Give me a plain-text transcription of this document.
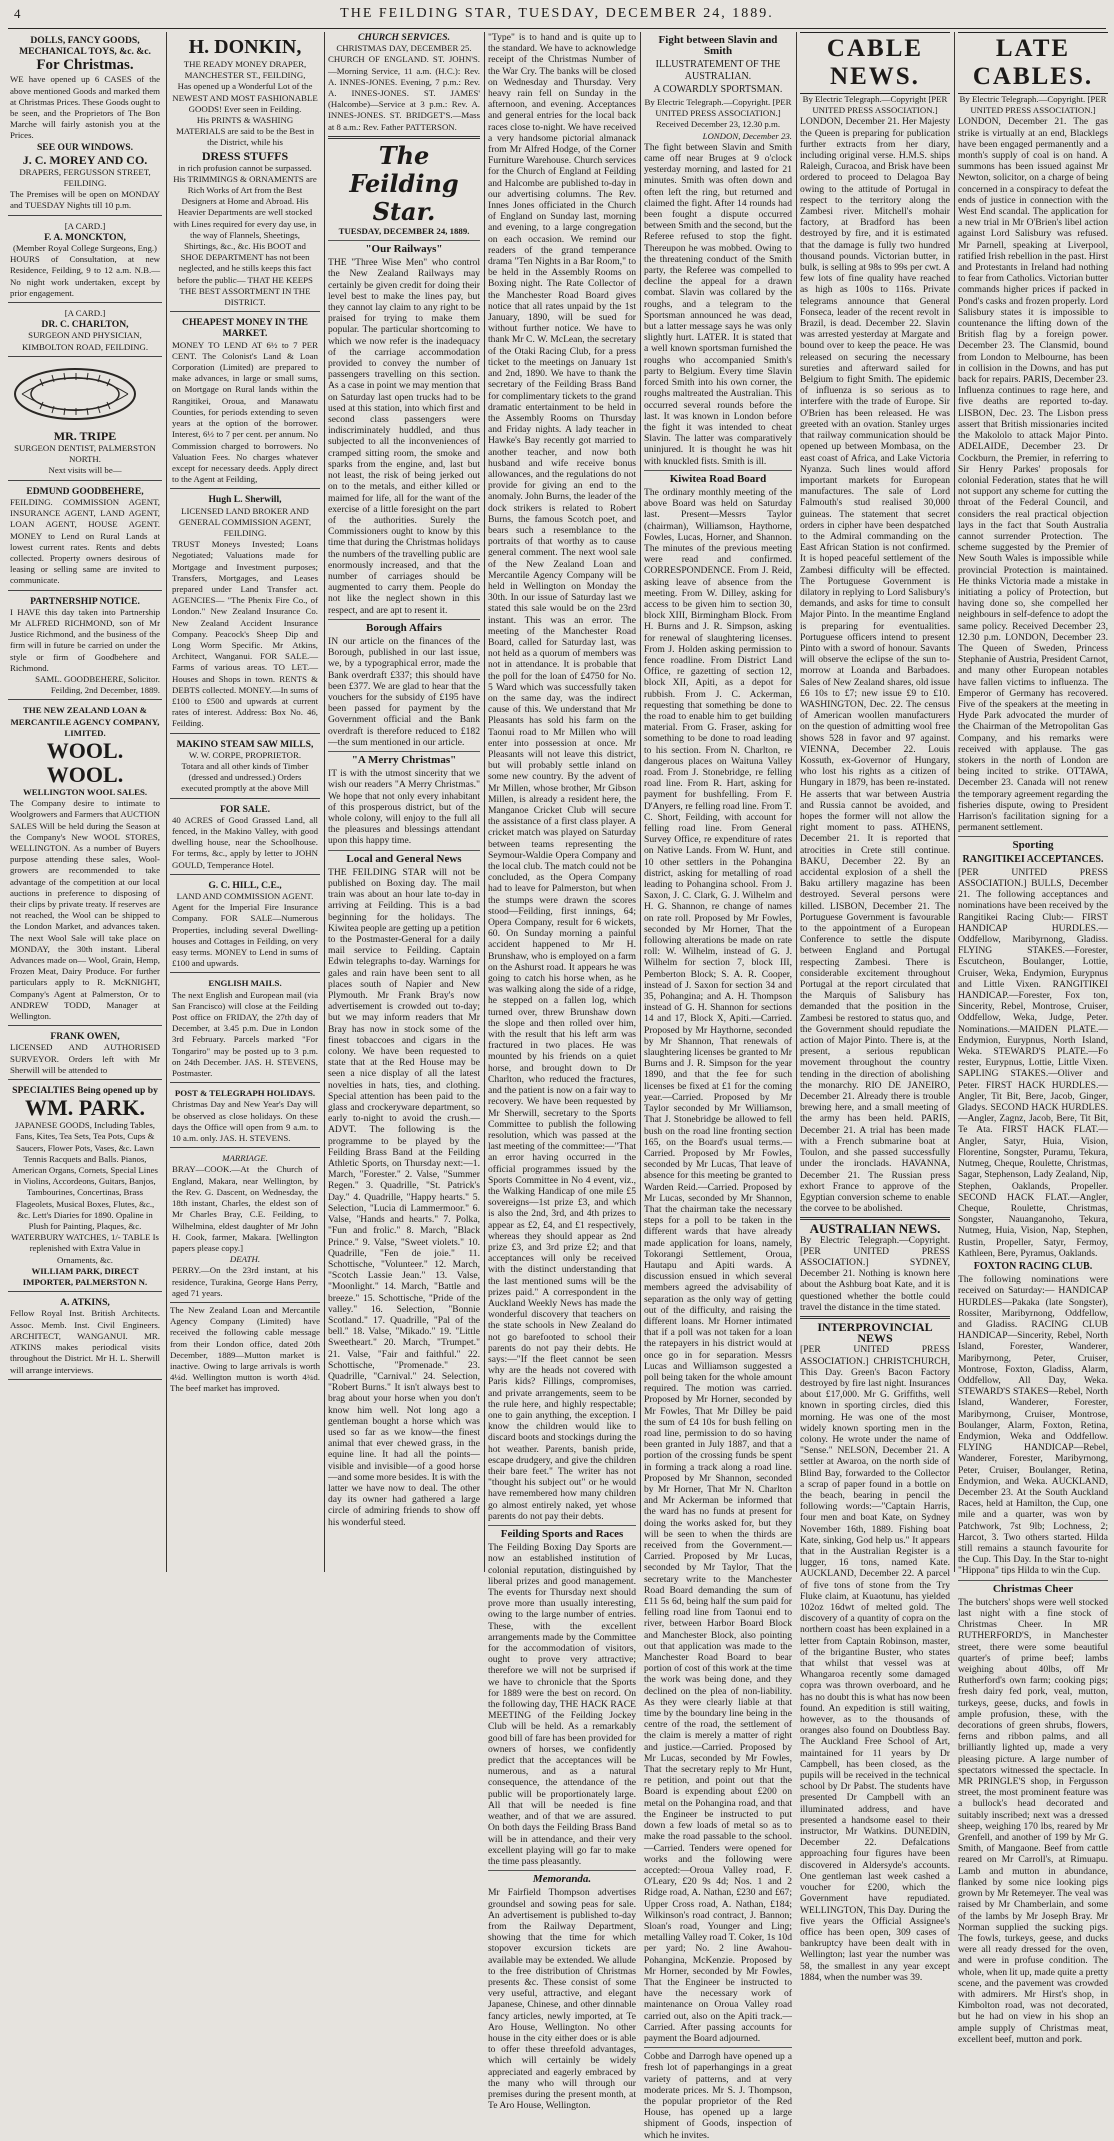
4	THE FEILDING STAR, TUESDAY, DECEMBER 24, 1889.
DOLLS, FANCY GOODS, MECHANICAL TOYS, &c. &c.
For Christmas.
WE have opened up 6 CASES of the above mentioned Goods and marked them at Christmas Prices. These Goods ought to be seen, and the Proprietors of The Bon Marche will fairly astonish you at the Prices.
SEE OUR WINDOWS.
J. C. MOREY AND CO.
DRAPERS, FERGUSSON STREET, FEILDING.
The Premises will be open on MONDAY and TUESDAY Nights till 10 p.m.
[A CARD.]
F. A. MONCKTON,
(Member Royal College Surgeons, Eng.)
HOURS of Consultation, at new Residence, Feilding, 9 to 12 a.m. N.B.—No night work undertaken, except by prior engagement.
[A CARD.]
DR. C. CHARLTON,
SURGEON AND PHYSICIAN, KIMBOLTON ROAD, FEILDING.
MR. TRIPE
SURGEON DENTIST, PALMERSTON NORTH.
Next visits will be—
EDMUND GOODBEHERE,
FEILDING. COMMISSION AGENT, INSURANCE AGENT, LAND AGENT, LOAN AGENT, HOUSE AGENT. MONEY to Lend on Rural Lands at lowest current rates. Rents and debts collected. Property owners desirous of leasing or selling same are invited to communicate.
PARTNERSHIP NOTICE.
I HAVE this day taken into Partnership Mr ALFRED RICHMOND, son of Mr Justice Richmond, and the business of the firm will in future be carried on under the style or firm of Goodbehere and Richmond.
SAML. GOODBEHERE, Solicitor. Feilding, 2nd December, 1889.
THE NEW ZEALAND LOAN & MERCANTILE AGENCY COMPANY, LIMITED.
WOOL. WOOL.
WELLINGTON WOOL SALES.
The Company desire to intimate to Woolgrowers and Farmers that AUCTION SALES Will be held during the Season at the Company's New WOOL STORES, WELLINGTON. As a number of Buyers purpose attending these sales, Wool-growers are recommended to take advantage of the competition at our local auctions in preference to disposing of their clips by private treaty. If reserves are not reached, the Wool can be shipped to the London Market, and advances taken. The next Wool Sale will take place on MONDAY, the 30th instant. Liberal Advances made on— Wool, Grain, Hemp, Frozen Meat, Dairy Produce. For further particulars apply to R. McKNIGHT, Company's Agent at Palmerston, Or to ANDREW TODD, Manager at Wellington.
FRANK OWEN,
LICENSED AND AUTHORISED SURVEYOR. Orders left with Mr Sherwill will be attended to
SPECIALTIES Being opened up by
WM. PARK.
JAPANESE GOODS, Including Tables, Fans, Kites, Tea Sets, Tea Pots, Cups & Saucers, Flower Pots, Vases, &c. Lawn Tennis Racquets and Balls. Pianos, American Organs, Cornets, Special Lines in Violins, Accordeons, Guitars, Banjos, Tambourines, Concertinas, Brass Flageolets, Musical Boxes, Flutes, &c., &c. Lett's Diaries for 1890. Opaline in Plush for Painting, Plaques, &c. WATERBURY WATCHES, 1/- TABLE Is replenished with Extra Value in Ornaments, &c.
WILLIAM PARK, DIRECT IMPORTER, PALMERSTON N.
A. ATKINS,
Fellow Royal Inst. British Architects. Assoc. Memb. Inst. Civil Engineers. ARCHITECT, WANGANUI. MR. ATKINS makes periodical visits throughout the District. Mr H. L. Sherwill will arrange interviews.
H. DONKIN,
THE READY MONEY DRAPER, MANCHESTER ST., FEILDING,
Has opened up a Wonderful Lot of the NEWEST AND MOST FASHIONABLE GOODS! Ever seen in Feilding.
His PRINTS & WASHING MATERIALS are said to be the Best in the District, while his
DRESS STUFFS
in rich profusion cannot be surpassed. His TRIMMINGS & ORNAMENTS are Rich Works of Art from the Best Designers at Home and Abroad. His Heavier Departments are well stocked with Lines required for every day use, in the way of Flannels, Sheetings, Shirtings, &c., &c. His BOOT and SHOE DEPARTMENT has not been neglected, and he stills keeps this fact before the public— THAT HE KEEPS THE BEST ASSORTMENT IN THE DISTRICT.
CHEAPEST MONEY IN THE MARKET.
MONEY TO LEND AT 6½ to 7 PER CENT. The Colonist's Land & Loan Corporation (Limited) are prepared to make advances, in large or small sums, on Mortgage on Rural lands within the Rangitikei, Oroua, and Manawatu Counties, for periods extending to seven years at the option of the borrower. Interest, 6½ to 7 per cent. per annum. No Commission charged to borrowers. No Valuation Fees. No charges whatever except for necessary deeds. Apply direct to the Agent at Feilding,
Hugh L. Sherwill,
LICENSED LAND BROKER AND GENERAL COMMISSION AGENT, FEILDING.
TRUST Moneys Invested; Loans Negotiated; Valuations made for Mortgage and Investment purposes; Transfers, Mortgages, and Leases prepared under Land Transfer act. AGENCIES— "The Phenix Fire Co., of London." New Zealand Insurance Co. New Zealand Accident Insurance Company. Peacock's Sheep Dip and Long Worm Specific. Mr Atkins, Architect, Wanganui. FOR SALE.—Farms of various areas. TO LET.—Houses and Shops in town. RENTS & DEBTS collected. MONEY.—In sums of £100 to £500 and upwards at current rates of interest. Address: Box No. 46, Feilding.
MAKINO STEAM SAW MILLS,
W. W. CORPE, PROPRIETOR.
Totara and all other kinds of Timber (dressed and undressed.) Orders executed promptly at the above Mill
FOR SALE.
40 ACRES of Good Grassed Land, all fenced, in the Makino Valley, with good dwelling house, near the Schoolhouse. For terms, &c., apply by letter to JOHN GOULD, Temperance Hotel.
G. C. HILL, C.E.,
LAND AND COMMISSION AGENT.
Agent for the Imperial Fire Insurance Company. FOR SALE—Numerous Properties, including several Dwelling-houses and Cottages in Feilding, on very easy terms. MONEY to Lend in sums of £100 and upwards.
ENGLISH MAILS.
The next English and European mail (via San Francisco) will close at the Feilding Post office on FRIDAY, the 27th day of December, at 3.45 p.m. Due in London 3rd February. Parcels marked "For Tongariro" may be posted up to 3 p.m. on 24th December. JAS. H. STEVENS, Postmaster.
POST & TELEGRAPH HOLIDAYS.
Christmas Day and New Year's Day will be observed as close holidays. On these days the Office will open from 9 a.m. to 10 a.m. only. JAS. H. STEVENS.
MARRIAGE.
BRAY—COOK.—At the Church of England, Makara, near Wellington, by the Rev. G. Dascent, on Wednesday, the 18th instant, Charles, the eldest son of Mr Charles Bray, C.E. Feilding, to Wilhelmina, eldest daughter of Mr John H. Cook, farmer, Makara. [Wellington papers please copy.]
DEATH.
PERRY.—On the 23rd instant, at his residence, Turakina, George Hans Perry, aged 71 years.
The New Zealand Loan and Mercantile Agency Company (Limited) have received the following cable message from their London office, dated 20th December, 1889—Mutton market is inactive. Owing to large arrivals is worth 4¼d. Wellington mutton is worth 4¾d. The beef market has improved.
CHURCH SERVICES.
CHRISTMAS DAY, DECEMBER 25.
CHURCH OF ENGLAND. ST. JOHN'S.—Morning Service, 11 a.m. (H.C.): Rev. A. INNES-JONES. Evening, 7 p.m.: Rev. A. INNES-JONES. ST. JAMES' (Halcombe)—Service at 3 p.m.: Rev. A. INNES-JONES. ST. BRIDGET'S.—Mass at 8 a.m.: Rev. Father PATTERSON.
The Feilding Star.
TUESDAY, DECEMBER 24, 1889.
"Our Railways"
THE "Three Wise Men" who control the New Zealand Railways may certainly be given credit for doing their level best to make the lines pay, but they cannot lay claim to any right to be praised for trying to make them popular. The particular shortcoming to which we now refer is the inadequacy of the carriage accommodation provided to convey the number of passengers travelling on this section. As a case in point we may mention that on Saturday last open trucks had to be used at this station, into which first and second class passengers were indiscriminately huddled, and thus subjected to all the inconveniences of cramped sitting room, the smoke and sparks from the engine, and, last but not least, the risk of being jerked out on to the metals, and either killed or maimed for life, all for the want of the exercise of a little foresight on the part of the authorities. Surely the Commissioners ought to know by this time that during the Christmas holidays the numbers of the travelling public are enormously increased, and that the number of carriages should be augmented to carry them. People do not like the neglect shown in this respect, and are apt to resent it.
Borough Affairs
IN our article on the finances of the Borough, published in our last issue, we, by a typographical error, made the Bank overdraft £337; this should have been £377. We are glad to hear that the vouchers for the subsidy of £195 have been passed for payment by the Government official and the Bank overdraft is therefore reduced to £182—the sum mentioned in our article.
"A Merry Christmas"
IT is with the utmost sincerity that we wish our readers "A Merry Christmas." We hope that not only every inhabitant of this prosperous district, but of the whole colony, will enjoy to the full all the pleasures and blessings attendant upon this happy time.
Local and General News
THE FEILDING STAR will not be published on Boxing day. The mail train was about an hour late to-day in arriving at Feilding. This is a bad beginning for the holidays. The Kiwitea people are getting up a petition to the Postmaster-General for a daily mail service to Feilding. Captain Edwin telegraphs to-day. Warnings for gales and rain have been sent to all places south of Napier and New Plymouth. Mr Frank Bray's now advertisement is crowded out to-day; but we may inform readers that Mr Bray has now in stock some of the finest tobaccoes and cigars in the colony. We have been requested to state that at the Red House may be seen a nice display of all the latest novelties in hats, ties, and clothing. Special attention has been paid to the glass and crockeryware department, so early to-night to avoid the crush.—ADVT. The following is the programme to be played by the Feilding Brass Band at the Feilding Athletic Sports, on Thursday next:—1. March, "Forester." 2. Valse, "Summer Regen." 3. Quadrille, "St. Patrick's Day." 4. Quadrille, "Happy hearts." 5. Selection, "Lucia di Lammermoor." 6. Valse, "Hands and hearts." 7. Polka, "Fun and frolic." 8. March, "Black Prince." 9. Valse, "Sweet violets." 10. Quadrille, "Fen de joie." 11. Schottische, "Volunteer." 12. March, "Scotch Lassie Jean." 13. Valse, "Moonlight." 14. March, "Battle and breeze." 15. Schottische, "Pride of the valley." 16. Selection, "Bonnie Scotland." 17. Quadrille, "Pal of the bell." 18. Valse, "Mikado." 19. "Little Sweetheart." 20. March, "Trumpet." 21. Valse, "Fair and faithful." 22. Schottische, "Promenade." 23. Quadrille, "Carnival." 24. Selection, "Robert Burns." It isn't always best to brag about your horse when you don't know him well. Not long ago a gentleman bought a horse which was used so far as we know—the finest animal that ever chewed grass, in the equine line. It had all the points—visible and invisible—of a good horse—and some more besides. It is with the latter we have now to deal. The other day its owner had gathered a large circle of admiring friends to show off his wonderful steed.
"Type" is to hand and is quite up to the standard. We have to acknowledge receipt of the Christmas Number of the War Cry. The banks will be closed on Wednesday and Thursday. Very heavy rain fell on Sunday in the afternoon, and evening. Acceptances and general entries for the local back races close to-night. We have received a very handsome pictorial almanack from Mr Alfred Hodge, of the Corner Furniture Warehouse. Church services for the Church of England at Feilding and Halcombe are published to-day in our advertising columns. The Rev. Innes Jones officiated in the Church of England on Sunday last, morning and evening, to a large congregation on each occasion. We remind our readers of the grand temperance drama "Ten Nights in a Bar Room," to be held in the Assembly Rooms on Boxing night. The Rate Collector of the Manchester Road Board gives notice that all rates unpaid by the 1st January, 1890, will be sued for without further notice. We have to thank Mr C. W. McLean, the secretary of the Otaki Racing Club, for a press ticket to the meetings on January 1st and 2nd, 1890. We have to thank the secretary of the Feilding Brass Band for complimentary tickets to the grand dramatic entertainment to be held in the Assembly Rooms on Thursday and Friday nights. A lady teacher in Hawke's Bay recently got married to another teacher, and now both husband and wife receive bonus allowances, and the regulations do not provide for giving an end to the anomaly. John Burns, the leader of the dock strikers is related to Robert Burns, the famous Scotch poet, and bears such a resemblance to the portraits of that worthy as to cause general comment. The next wool sale of the New Zealand Loan and Mercantile Agency Company will be held in Wellington on Monday the 30th. In our issue of Saturday last we stated this sale would be on the 23rd instant. This was an error. The meeting of the Manchester Road Board, called for Saturday last, was not held as a quorum of members was not in attendance. It is probable that the poll for the loan of £4750 for No. 5 Ward which was successfully taken on the same day, was the indirect cause of this. We understand that Mr Pleasants has sold his farm on the Taonui road to Mr Millen who will enter into possession at once. Mr Pleasants will not leave this district, but will probably settle inland on some new country. By the advent of Mr Millen, whose brother, Mr Gibson Millen, is already a resident here, the Manganoe Cricket Club will secure the assistance of a first class player. A cricket match was played on Saturday between teams representing the Seymour-Waldie Opera Company and the local club. The match could not be concluded, as the Opera Company had to leave for Palmerston, but when the stumps were drawn the scores stood—Feilding, first innings, 64; Opera Company, result for 6 wickets, 60. On Sunday morning a painful accident happened to Mr H. Brunshaw, who is employed on a farm on the Ashurst road. It appears he was going to catch his horse when, as he was walking along the side of a ridge, he stepped on a fallen log, which turned over, threw Brunshaw down the slope and then rolled over him, with the result that his left arm was fractured in two places. He was mounted by his friends on a quiet horse, and brought down to Dr Charlton, who reduced the fractures, and the patient is now on a fair way to recovery. We have been requested by Mr Sherwill, secretary to the Sports Committee to publish the following resolution, which was passed at the last meeting of the committee:—"That an error having occurred in the official programmes issued by the Sports Committee in No 4 event, viz., the Walking Handicap of one mile £5 sovereigns—1st prize £3, and which is also the 2nd, 3rd, and 4th prizes to appear as £2, £4, and £1 respectively, whereas they should appear as 2nd prize £3, and 3rd prize £2; and that acceptances will only be received with the distinct understanding that the last mentioned sums will be the prizes paid." A correspondent in the Auckland Weekly News has made the wonderful discovery that teachers on the state schools in New Zealand do not go barefooted to school their parents do not pay their debts. He says:—"If the fleet cannot be seen why are the heads not covered with Paris kids? Fillings, compromises, and private arrangements, seem to be the rule here, and highly respectable; one to gain anything, the exception. I know the children would like to discard boots and stockings during the hot weather. Parents, banish pride, escape drudgery, and give the children their bare feet." The writer has not "thought his subject out" or he would have remembered how many children go almost entirely naked, yet whose parents do not pay their debts.
Feilding Sports and Races
The Feilding Boxing Day Sports are now an established institution of colonial reputation, distinguished by liberal prizes and good management. The events for Thursday next should prove more than usually interesting, owing to the large number of entries. These, with the excellent arrangements made by the Committee for the accommodation of visitors, ought to prove very attractive; therefore we will not be surprised if we have to chronicle that the Sports for 1889 were the best on record. On the following day, THE HACK RACE MEETING of the Feilding Jockey Club will be held. As a remarkably good bill of fare has been provided for owners of horses, we confidently predict that the acceptances will be numerous, and as a natural consequence, the attendance of the public will be proportionately large. All that will be needed is fine weather, and of that we are assured. On both days the Feilding Brass Band will be in attendance, and their very excellent playing will go far to make the time pass pleasantly.
Memoranda.
Mr Fairfield Thompson advertises groundsel and sowing peas for sale. An advertisement is published to-day from the Railway Department, showing that the time for which stopover excursion tickets are available may be extended. We allude to the free distribution of Christmas presents &c. These consist of some very useful, attractive, and elegant Japanese, Chinese, and other dinnable fancy articles, newly imported, at Te Aro House, Wellington. No other house in the city either does or is able to offer these threefold advantages, which will certainly be widely appreciated and eagerly embraced by the many who will through our premises during the present month, at Te Aro House, Wellington.
Fight between Slavin and Smith
ILLUSTRATEMENT OF THE AUSTRALIAN.
A COWARDLY SPORTSMAN.
By Electric Telegraph.—Copyright. [PER UNITED PRESS ASSOCIATION.] Received December 23, 12.30 p.m.
LONDON, December 23.
The fight between Slavin and Smith came off near Bruges at 9 o'clock yesterday morning, and lasted for 21 minutes. Smith was often down and often left the ring, but returned and claimed the fight. After 14 rounds had been fought a dispute occurred between Smith and the second, but the Referee refused to stop the fight. Thereupon he was mobbed. Owing to the threatening conduct of the Smith party, the Referee was compelled to decline the appeal for a drawn combat. Slavin was collared by the roughs, and a telegram to the Sportsman announced he was dead, but a latter message says he was only slightly hurt. LATER. It is stated that a well known sportsman furnished the roughs who accompanied Smith's party to Belgium. Every time Slavin forced Smith into his own corner, the roughs maltreated the Australian. This occurred several rounds before the last. It was known in London before the fight it was intended to cheat Slavin. The latter was comparatively uninjured. It is thought he was hit with knuckled fists. Smith is ill.
Kiwitea Road Board
The ordinary monthly meeting of the above Board was held on Saturday last. Present—Messrs Taylor (chairman), Williamson, Haythorne, Fowles, Lucas, Horner, and Shannon. The minutes of the previous meeting were read and confirmed. CORRESPONDENCE. From J. Reid, asking leave of absence from the meeting. From W. Dilley, asking for access to be given him to section 30, block XIII, Birmingham Block. From H. Burns and J. R. Simpson, asking for renewal of slaughtering licenses. From J. Holden asking permission to fence roadline. From District Land Office, re gazetting of section 12, block XII, Apiti, as a depot for rubbish. From J. C. Ackerman, requesting that something be done to the road to enable him to get building material. From G. Fraser, asking for something to be done to road leading to his section. From N. Charlton, re dangerous places on Waituna Valley road. From J. Stonebridge, re felling road line. From R. Hart, asking for payment for bushfelling. From F. D'Anyers, re felling road line. From T. C. Short, Feilding, with account for felling road line. From General Survey Office, re expenditure of rates on Native Lands. From W. Hunt, and 10 other settlers in the Pohangina district, asking for metalling of road leading to Pohangina school. From J. Saxon, J. C. Clark, G. J. Wilhelm and H. G. Shannon, re change of names on rate roll. Proposed by Mr Fowles, seconded by Mr Horner, That the following alterations be made on rate roll: W. Wilhelm, instead of G. J. Wilhelm for section 7, block III, Pemberton Block; S. A. R. Cooper, instead of J. Saxon for section 34 and 35, Pohangina; and A. H. Thompson instead of G. H. Shannon for sections 14 and 17, Block X, Apiti.—Carried. Proposed by Mr Haythorne, seconded by Mr Shannon, That renewals of slaughtering licenses be granted to Mr Burns and J. R. Simpson for the year 1890, and that the fee for such licenses be fixed at £1 for the coming year.—Carried. Proposed by Mr Taylor seconded by Mr Williamson, That J. Stonebridge be allowed to fell bush on the road line fronting section 165, on the Board's usual terms.—Carried. Proposed by Mr Fowles, seconded by Mr Lucas, That leave of absence for this meeting be granted to Warden Reid.—Carried. Proposed by Mr Lucas, seconded by Mr Shannon, That the chairman take the necessary steps for a poll to be taken in the different wards that have already made application for loans, namely, Tokorangi Settlement, Oroua, Hautapu and Apiti wards. A discussion ensued in which several members agreed the advisability of separation as the only way of getting out of the difficulty, and raising the different loans. Mr Horner intimated that if a poll was not taken for a loan the ratepayers in his district would at once go in for separation. Messrs Lucas and Williamson suggested a poll being taken for the whole amount required. The motion was carried. Proposed by Mr Horner, seconded by Mr Fowles, That Mr Dilley be paid the sum of £4 10s for bush felling on road line, permission to do so having been granted in July 1887, and that a portion of the crossing funds be spent in forming a track along a road line. Proposed by Mr Shannon, seconded by Mr Horner, That Mr N. Charlton and Mr Ackerman be informed that the ward has no funds at present for doing the works asked for, but they will be seen to when the thirds are received from the Government.—Carried. Proposed by Mr Lucas, seconded by Mr Taylor, That the secretary write to the Manchester Road Board demanding the sum of £11 5s 6d, being half the sum paid for felling road line from Taonui end to river, between Harbor Board Block and Manchester Block, also pointing out that application was made to the Manchester Road Board to bear portion of cost of this work at the time the work was being done, and they declined on the plea of non-liability. As they were clearly liable at that time by the boundary line being in the centre of the road, the settlement of the claim is merely a matter of right and justice.—Carried. Proposed by Mr Lucas, seconded by Mr Fowles, That the secretary reply to Mr Hunt, re petition, and point out that the Board is expending about £200 on metal on the Pohangina road, and that the Engineer be instructed to put down a few loads of metal so as to make the road passable to the school.—Carried. Tenders were opened for works and the following were accepted:—Oroua Valley road, F. O'Leary, £20 9s 4d; Nos. 1 and 2 Ridge road, A. Nathan, £230 and £67; Upper Cross road, A. Nathan, £184; Wilkinson's road contract, J. Bannon; Sloan's road, Younger and Ling; metalling Valley road T. Coker, 1s 10d per yard; No. 2 line Awahou-Pohangina, McKenzie. Proposed by Mr Horner, seconded by Mr Fowles, That the Engineer be instructed to have the necessary work of maintenance on Oroua Valley road carried out, also on the Apiti track.—Carried. After passing accounts for payment the Board adjourned.
Cobbe and Darrogh have opened up a fresh lot of paperhangings in a great variety of patterns, and at very moderate prices. Mr S. J. Thompson, the popular proprietor of the Red House, has opened up a large shipment of Goods, inspection of which he invites.
CABLE NEWS.
By Electric Telegraph.—Copyright [PER UNITED PRESS ASSOCIATION.]
LONDON, December 21. Her Majesty the Queen is preparing for publication further extracts from her diary, including original verse. H.M.S. ships Raleigh, Curacoa, and Brisk have been ordered to proceed to Delagoa Bay owing to the attitude of Portugal in respect to the territory along the Zambesi river. Mitchell's mohair factory, at Bradford has been destroyed by fire, and it is estimated that the damage is fully two hundred thousand pounds. Victorian butter, in bulk, is selling at 98s to 99s per cwt. A few lots of fine quality have reached as high as 100s to 116s. Private telegrams announce that General Fonseca, leader of the recent revolt in Brazil, is dead. December 22. Slavin was arrested yesterday at Margate and bound over to keep the peace. He was released on securing the necessary sureties and afterward sailed for Belgium to fight Smith. The epidemic of influenza is so serious as to interfere with the trade of Europe. Sir O'Brien has been released. He was greeted with an ovation. Stanley urges that railway communication should be opened up between Mombasa, on the east coast of Africa, and Lake Victoria Nyanza. Such lines would afford important markets for European manufactures. The sale of Lord Falmouth's stud realised 30,000 guineas. The statement that secret orders in cipher have been despatched to the Admiral commanding on the East African Station is not confirmed. It is hoped peaceful settlement of the Zambesi difficulty will be effected. The Portuguese Government is dilatory in replying to Lord Salisbury's demands, and asks for time to consult Major Pinto. In the meantime England is preparing for eventualities. Portuguese officers intend to present Pinto with a sword of honour. Savants will observe the eclipse of the sun to-morrow at Loanda and Barbadoes. Sales of New Zealand shares, old issue £6 10s to £7; new issue £9 to £10. WASHINGTON, Dec. 22. The census of American woollen manufacturers on the question of admitting wool free shows 528 in favor and 97 against. VIENNA, December 22. Louis Kossuth, ex-Governor of Hungary, who lost his rights as a citizen of Hungary in 1879, has been re-instated. He asserts that war between Austria and Russia cannot be avoided, and hopes the former will not allow the right moment to pass. ATHENS, December 21. It is reported that atrocities in Crete still continue. BAKU, December 22. By an accidental explosion of a shell the Baku artillery magazine has been destroyed. Several persons were killed. LISBON, December 21. The Portuguese Government is favourable to the appointment of a European Conference to settle the dispute between England and Portugal respecting Zambesi. There is considerable excitement throughout Portugal at the report circulated that the Marquis of Salisbury has demanded that the position in the Zambesi be restored to status quo, and the Government should repudiate the action of Major Pinto. There is, at the present, a serious republican movement throughout the country tending in the direction of abolishing the monarchy. RIO DE JANEIRO, December 21. Already there is trouble brewing here, and a small meeting of the army has been held. PARIS, December 21. A trial has been made with a French submarine boat at Toulon, and she passed successfully under the ironclads. HAVANNA, December 21. The Russian press exhort France to approve of the Egyptian conversion scheme to enable the corvee to be abolished.
AUSTRALIAN NEWS.
By Electric Telegraph.—Copyright. [PER UNITED PRESS ASSOCIATION.] SYDNEY, December 21. Nothing is known here about the Ashburg boat Kate, and it is questioned whether the bottle could travel the distance in the time stated.
INTERPROVINCIAL NEWS
[PER UNITED PRESS ASSOCIATION.] CHRISTCHURCH, This Day. Green's Bacon Factory destroyed by fire last night. Insurances about £17,000. Mr G. Griffiths, well known in sporting circles, died this morning. He was one of the most widely known sporting men in the colony. He wrote under the name of "Sense." NELSON, December 21. A settler at Awaroa, on the north side of Blind Bay, forwarded to the Collector a scrap of paper found in a bottle on the beach, bearing in pencil the following words:—"Captain Harris, four men and boat Kate, on Sydney November 16th, 1889. Fishing boat Kate, sinking, God help us." It appears that in the Australian Register is a lugger, 16 tons, named Kate. AUCKLAND, December 22. A parcel of five tons of stone from the Try Fluke claim, at Kuaotunu, has yielded 102oz 16dwt of melted gold. The discovery of a quantity of copra on the northern coast has been explained in a letter from Captain Robinson, master, of the brigantine Buster, who states that whilst that vessel was at Whangaroa recently some damaged copra was thrown overboard, and he has no doubt this is what has now been found. An expedition is still waiting, however, as to the thousands of oranges also found on Doubtless Bay. The Auckland Free School of Art, maintained for 11 years by Dr Campbell, has been closed, as the pupils will be received in the technical school by Dr Pabst. The students have presented Dr Campbell with an illuminated address, and have presented a handsome easel to their instructor, Mr Watkins. DUNEDIN, December 22. Defalcations approaching four figures have been discovered in Aldersyde's accounts. One gentleman last week cashed a voucher for £200, which the Government have repudiated. WELLINGTON, This Day. During the five years the Official Assignee's office has been open, 309 cases of bankruptcy have been dealt with in Wellington; last year the number was 58, the smallest in any year except 1884, when the number was 39.
LATE CABLES.
By Electric Telegraph.—Copyright. [PER UNITED PRESS ASSOCIATION.]
LONDON, December 21. The gas strike is virtually at an end, Blacklegs have been engaged permanently and a month's supply of coal is on hand. A summons has been issued against Mr Newton, solicitor, on a charge of being concerned in a conspiracy to defeat the ends of justice in connection with the West End scandal. The application for a new trial in Mr O'Brien's libel action against Lord Salisbury was refused. Mr Parnell, speaking at Liverpool, ratified Irish rebellion in the past. Hirst and Protestants in Ireland had nothing to fear from Catholics. Victorian butter commands higher prices if packed in Pond's casks and frozen properly. Lord Salisbury states it is impossible to countenance the lifting down of the British flag by a foreign power. December 23. The Clansmid, bound from London to Melbourne, has been in collision in the Downs, and has put back for repairs. PARIS, December 23. Influenza continues to rage here, and five deaths are reported to-day. LISBON, Dec. 23. The Lisbon press assert that British missionaries incited the Makololo to attack Major Pinto. ADELAIDE, December 23. Dr Cockburn, the Premier, in referring to Sir Henry Parkes' proposals for colonial Federation, states that he will not support any scheme for cutting the throat of the Federal Council, and considers the real practical objection lays in the fact that South Australia cannot surrender Protection. The scheme suggested by the Premier of New South Wales is impossible while provincial Protection is maintained. He thinks Victoria made a mistake in initiating a policy of Protection, but having done so, she compelled her neighbours in self-defence to adopt the same policy. Received December 23, 12.30 p.m. LONDON, December 23. The Queen of Sweden, Princess Stephanie of Austria, President Carnot, and many other European notables have fallen victims to influenza. The Emperor of Germany has recovered. Five of the speakers at the meeting in Hyde Park advocated the murder of the Chairman of the Metropolitan Gas Company, and his remarks were received with applause. The gas stokers in the north of London are being incited to strike. OTTAWA, December 23. Canada will not renew the temporary agreement regarding the fisheries dispute, owing to President Harrison's facilitation signing for a permanent settlement.
Sporting
RANGITIKEI ACCEPTANCES.
[PER UNITED PRESS ASSOCIATION.] BULLS, December 21. The following acceptances and nominations have been received by the Rangitikei Racing Club:— FIRST HANDICAP HURDLES.—Oddfellow, Maribyrnong, Gladiss. FLYING STAKES.—Forester, Escutcheon, Boulanger, Lottie, Cruiser, Weka, Endymion, Eurypnus and Little Vixen. RANGITIKEI HANDICAP.—Forester, Fox ton, Sincerity, Rebel, Montrose, Cruiser, Oddfellow, Weka, Judge, Peter. Nominations.—MAIDEN PLATE.—Endymion, Eurypnus, North Island, Weka. STEWARD'S PLATE.—Fo rester, Eurypnus, Lottie, Little Vixen. SAPLING STAKES.—Oliver and Peter. FIRST HACK HURDLES.—Angler, Tit Bit, Bere, Jacob, Ginger, Gladys. SECOND HACK HURDLES.—Angler, Zagnz, Jacob, Bere, Tit Bit, Te Ata. FIRST HACK FLAT.—Angler, Satyr, Huia, Vision, Florentine, Songster, Puramu, Tekura, Nutmeg, Cheque, Roulette, Christmas, Sagar, Stephenson, Lady Zealand, Nip, Stephen, Oaklands, Propeller. SECOND HACK FLAT.—Angler, Cheque, Roulette, Christmas, Songster, Nauanganoho, Tekura, Nutmeg, Huia, Vision, Nap, Stephen, Rustin, Propeller, Satyr, Fermoy, Kathleen, Bere, Pyramus, Oaklands.
FOXTON RACING CLUB.
The following nominations were received on Saturday:— HANDICAP HURDLES—Pakaka (late Songster), Rossiter, Maribyrnong, Oddfellow, and Gladiss. RACING CLUB HANDICAP—Sincerity, Rebel, North Island, Forester, Wanderer, Maribyrnong, Peter, Cruiser, Montrose, Foxton, Gladiss, Alarm, Oddfellow, All Day, Weka. STEWARD'S STAKES—Rebel, North Island, Wanderer, Forester, Maribyrnong, Cruiser, Montrose, Boulanger, Alarm, Foxton, Retina, Endymion, Weka and Oddfellow. FLYING HANDICAP—Rebel, Wanderer, Forester, Maribyrnong, Peter, Cruiser, Boulanger, Retina, Endymion, and Weka. AUCKLAND, December 23. At the South Auckland Races, held at Hamilton, the Cup, one mile and a quarter, was won by Patchwork, 7st 9lb; Lochness, 2; Harcot, 3. Two others started. Hilda still remains a staunch favourite for the Cup. This Day. In the Star to-night "Hippona" tips Hilda to win the Cup.
Christmas Cheer
The butchers' shops were well stocked last night with a fine stock of Christmas Cheer. In MR RUTHERFORD'S, in Manchester street, there were some beautiful quarter's of prime beef; lambs weighing about 40lbs, off Mr Rutherford's own farm; cooking pigs; fresh dairy fed pork, veal, mutton, turkeys, geese, ducks, and fowls in ample profusion, these, with the decorations of green shrubs, flowers, ferns and ribbon palms, and all brilliantly lighted up, made a very pleasing picture. A large number of spectators witnessed the spectacle. In MR PRINGLE'S shop, in Fergusson street, the most prominent feature was a bullock's head decorated and suitably inscribed; next was a dressed sheep, weighing 170 lbs, reared by Mr Grenfell, and another of 199 by Mr G. Smith, of Mangaone. Beef from cattle reared on Mr Carroll's, at Rimuapu. Lamb and mutton in abundance, flanked by some nice looking pigs grown by Mr Retemeyer. The veal was raised by Mr Chamberlain, and some of the lambs by Mr Joseph Bray. Mr Norman supplied the sucking pigs. The fowls, turkeys, geese, and ducks were all ready dressed for the oven, and were in profuse condition. The whole, when lit up, made quite a pretty scene, and the pavement was crowded with admirers. Mr Hirst's shop, in Kimbolton road, was not decorated, but he had on view in his shop an ample supply of Christmas meat, excellent beef, mutton and pork.
